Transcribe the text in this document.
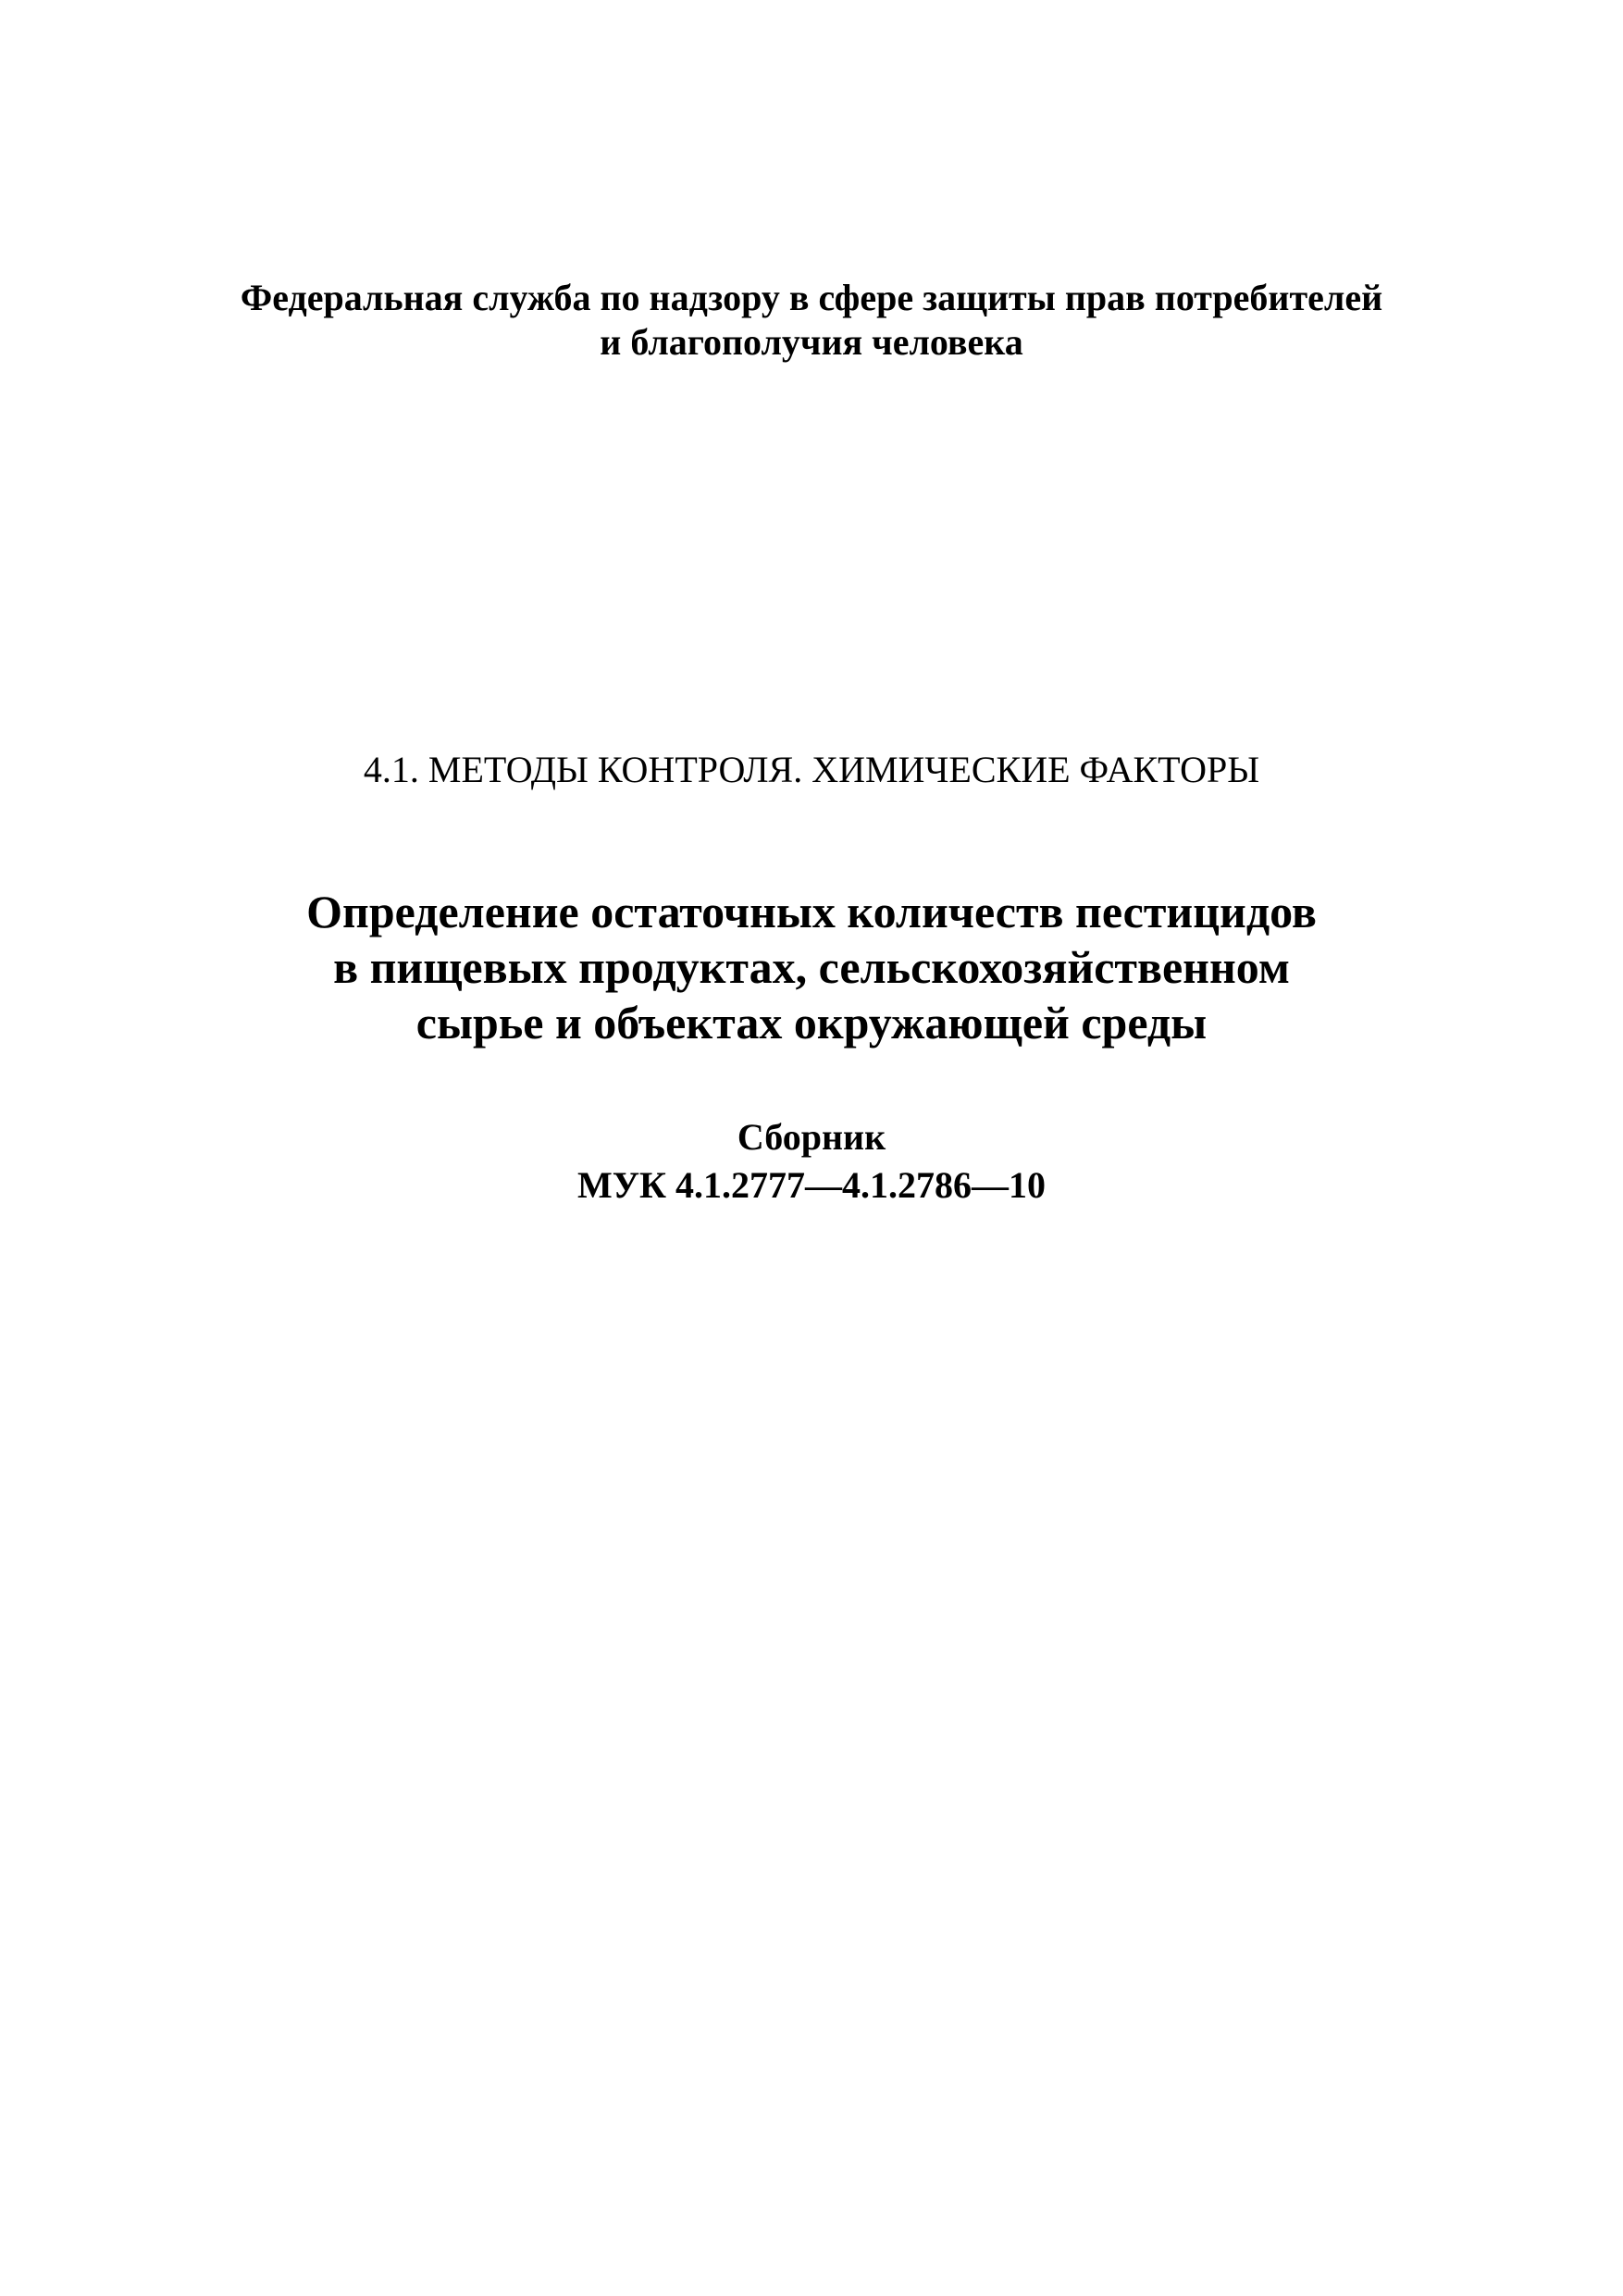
Федеральная служба по надзору в сфере защиты прав потребителей
и благополучия человека
4.1. МЕТОДЫ КОНТРОЛЯ. ХИМИЧЕСКИЕ ФАКТОРЫ
Определение остаточных количеств пестицидов
в пищевых продуктах, сельскохозяйственном
сырье и объектах окружающей среды
Сборник
МУК 4.1.2777—4.1.2786—10
